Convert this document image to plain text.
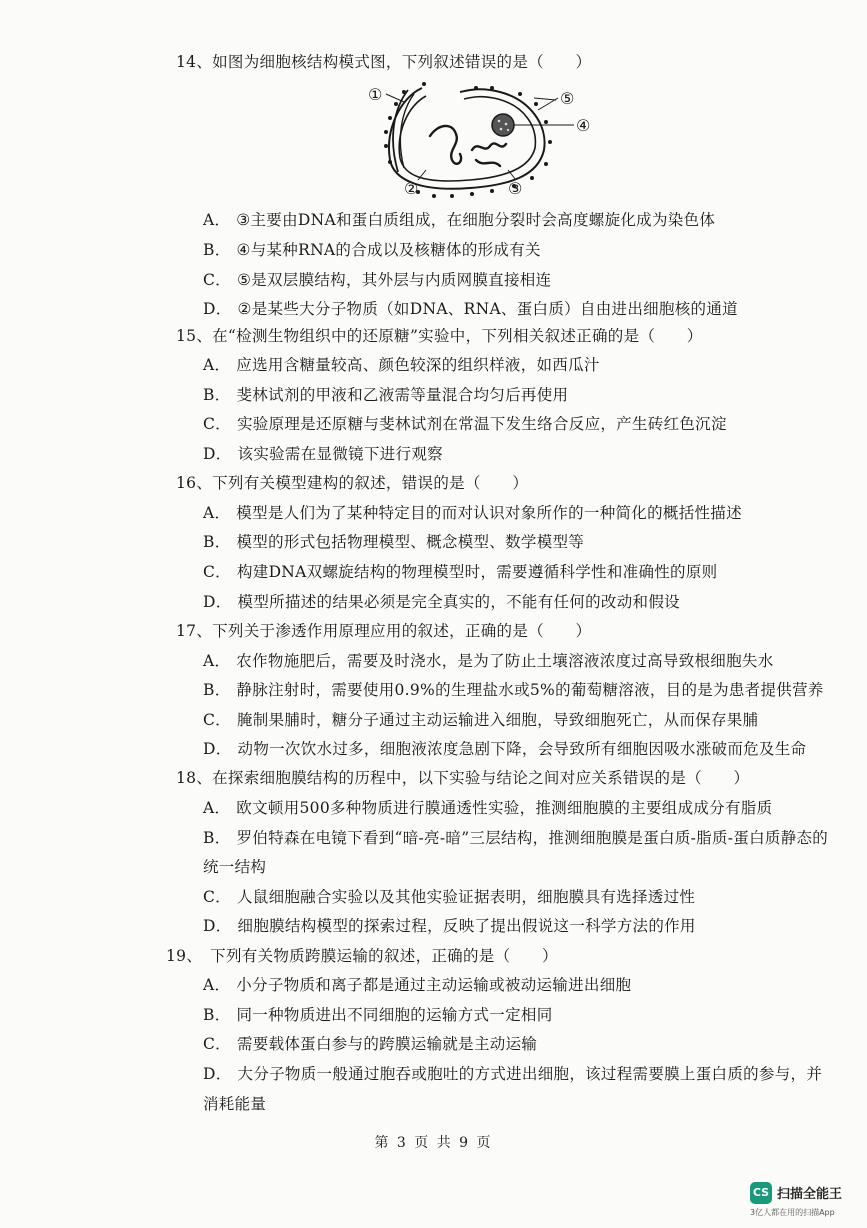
14、如图为细胞核结构模式图，下列叙述错误的是（　　）
①
②	③
④
⑤
A． ③主要由DNA和蛋白质组成，在细胞分裂时会高度螺旋化成为染色体
B． ④与某种RNA的合成以及核糖体的形成有关
C． ⑤是双层膜结构，其外层与内质网膜直接相连
D． ②是某些大分子物质（如DNA、RNA、蛋白质）自由进出细胞核的通道
15、在“检测生物组织中的还原糖”实验中，下列相关叙述正确的是（　　）
A． 应选用含糖量较高、颜色较深的组织样液，如西瓜汁
B． 斐林试剂的甲液和乙液需等量混合均匀后再使用
C． 实验原理是还原糖与斐林试剂在常温下发生络合反应，产生砖红色沉淀
D． 该实验需在显微镜下进行观察
16、下列有关模型建构的叙述，错误的是（　　）
A． 模型是人们为了某种特定目的而对认识对象所作的一种简化的概括性描述
B． 模型的形式包括物理模型、概念模型、数学模型等
C． 构建DNA双螺旋结构的物理模型时，需要遵循科学性和准确性的原则
D． 模型所描述的结果必须是完全真实的，不能有任何的改动和假设
17、下列关于渗透作用原理应用的叙述，正确的是（　　）
A． 农作物施肥后，需要及时浇水，是为了防止土壤溶液浓度过高导致根细胞失水
B． 静脉注射时，需要使用0.9%的生理盐水或5%的葡萄糖溶液，目的是为患者提供营养
C． 腌制果脯时，糖分子通过主动运输进入细胞，导致细胞死亡，从而保存果脯
D． 动物一次饮水过多，细胞液浓度急剧下降，会导致所有细胞因吸水涨破而危及生命
18、在探索细胞膜结构的历程中，以下实验与结论之间对应关系错误的是（　　）
A． 欧文顿用500多种物质进行膜通透性实验，推测细胞膜的主要组成成分有脂质
B． 罗伯特森在电镜下看到“暗-亮-暗”三层结构，推测细胞膜是蛋白质-脂质-蛋白质静态的
统一结构
C． 人鼠细胞融合实验以及其他实验证据表明，细胞膜具有选择透过性
D． 细胞膜结构模型的探索过程，反映了提出假说这一科学方法的作用
19、　下列有关物质跨膜运输的叙述，正确的是（　　）
A． 小分子物质和离子都是通过主动运输或被动运输进出细胞
B． 同一种物质进出不同细胞的运输方式一定相同
C． 需要载体蛋白参与的跨膜运输就是主动运输
D． 大分子物质一般通过胞吞或胞吐的方式进出细胞，该过程需要膜上蛋白质的参与，并
消耗能量
第 3 页 共 9 页
CS 扫描全能王
3亿人都在用的扫描App
